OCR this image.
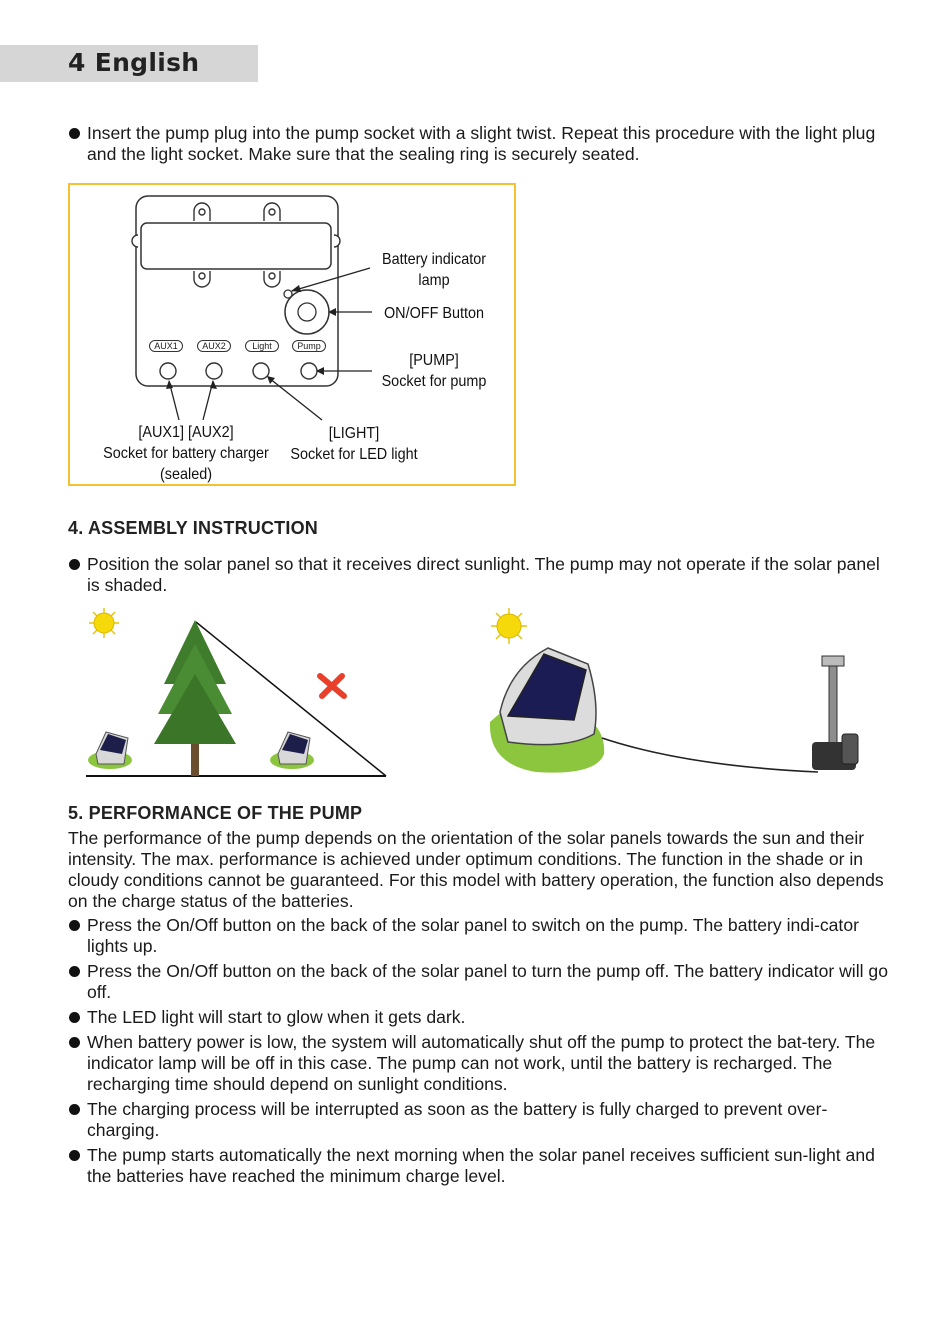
4 English
Insert the pump plug into the pump socket with a slight twist. Repeat this procedure with the light plug and the light socket. Make sure that the sealing ring is securely seated.
AUX1	AUX2	Light	Pump
Battery indicator
lamp
ON/OFF Button
[PUMP]
Socket for pump
[AUX1] [AUX2]
Socket for battery charger
(sealed)
[LIGHT]
Socket for LED light
4. ASSEMBLY INSTRUCTION
Position the solar panel so that it receives direct sunlight. The pump may not operate if the solar panel is shaded.
5. PERFORMANCE OF THE PUMP
The performance of the pump depends on the orientation of the solar panels towards the sun and their intensity. The max. performance is achieved under optimum conditions. The function in the shade or in cloudy conditions cannot be guaranteed. For this model with battery operation, the function also depends on the charge status of the batteries.
Press the On/Off button on the back of the solar panel to switch on the pump. The battery indi-cator lights up.
Press the On/Off button on the back of the solar panel to turn the pump off. The battery indicator will go off.
The LED light will start to glow when it gets dark.
When battery power is low, the system will automatically shut off the pump to protect the bat-tery. The indicator lamp will be off in this case. The pump can not work, until the battery is recharged. The recharging time should depend on sunlight conditions.
The charging process will be interrupted as soon as the battery is fully charged to prevent over-charging.
The pump starts automatically the next morning when the solar panel receives sufficient sun-light and the batteries have reached the minimum charge level.
